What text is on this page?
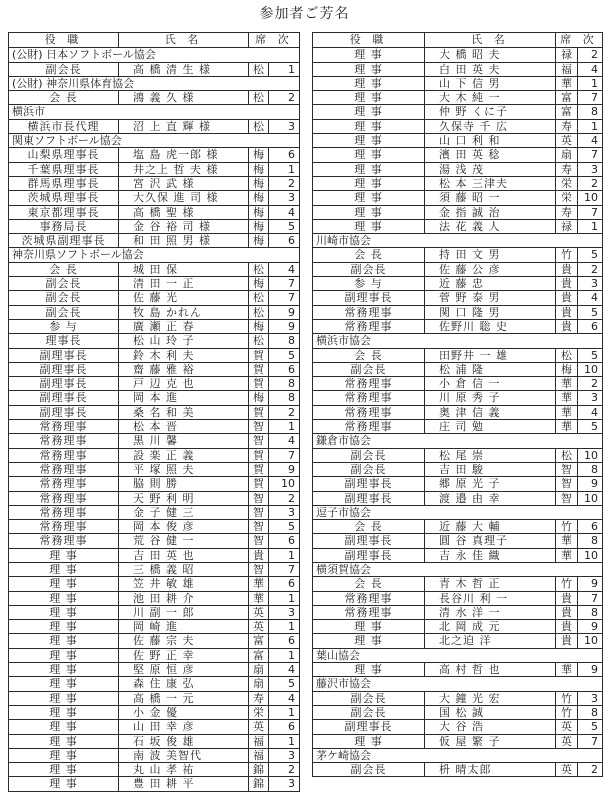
参加者ご芳名
役 職	氏 名	席 次
(公財) 日本ソフトボール協会
副会長	高 橋 清 生 様	松	1
(公財) 神奈川県体育協会
会 長	鴻 義 久 様	松	2
横浜市
横浜市長代理	沼 上 直 輝 様	松	3
関東ソフトボール協会
山梨県理事長	塩 島 虎一郎 様	梅	6
千葉県理事長	井之上 哲 夫 様	梅	1
群馬県理事長	宮 沢 武 様	梅	2
茨城県理事長	大久保 進 司 様	梅	3
東京都理事長	高 橋 聖 様	梅	4
事務局長	金 谷 裕 司 様	梅	5
茨城県副理事長	和 田 照 男 様	梅	6
神奈川県ソフトボール協会
会 長	城 田 保	松	4
副会長	清 田 一 正	梅	7
副会長	佐 藤 光	松	7
副会長	牧 島 かれん	松	9
参 与	廣 瀬 正 春	梅	9
理事長	松 山 玲 子	松	8
副理事長	鈴 木 利 夫	賀	5
副理事長	齋 藤 雅 裕	賀	6
副理事長	戸 辺 克 也	賀	8
副理事長	岡 本 進	梅	8
副理事長	桑 名 和 美	賀	2
常務理事	松 本 晋	智	1
常務理事	黒 川 馨	智	4
常務理事	設 楽 正 義	賀	7
常務理事	平 塚 照 夫	賀	9
常務理事	脇 則 勝	賀	10
常務理事	天 野 利 明	智	2
常務理事	金 子 健 三	智	3
常務理事	岡 本 俊 彦	智	5
常務理事	荒 谷 健 一	智	6
理 事	吉 田 英 也	貴	1
理 事	三 橋 義 昭	智	7
理 事	笠 井 敏 雄	華	6
理 事	池 田 耕 介	華	1
理 事	川 副 一 郎	英	3
理 事	岡 崎 進	英	1
理 事	佐 藤 宗 夫	富	6
理 事	佐 野 正 幸	富	1
理 事	堅 原 恒 彦	扇	4
理 事	森 住 康 弘	扇	5
理 事	高 橋 一 元	寿	4
理 事	小 金 優	栄	1
理 事	山 田 幸 彦	英	6
理 事	石 坂 俊 雄	福	1
理 事	南 波 美智代	福	3
理 事	丸 山 孝 祐	錦	2
理 事	豊 田 耕 平	錦	3
役 職	氏 名	席 次
理 事	大 橋 昭 夫	禄	2
理 事	白 田 英 夫	福	4
理 事	山 下 信 男	華	1
理 事	大 木 純 一	富	7
理 事	仲 野 くに子	富	8
理 事	久保寺 千 広	寿	1
理 事	山 口 利 和	英	4
理 事	濱 田 英 稔	扇	7
理 事	湯 浅 茂	寿	3
理 事	松 本 三津夫	栄	2
理 事	須 藤 昭 一	栄	10
理 事	金 指 誠 治	寿	7
理 事	法 花 義 人	禄	1
川崎市協会
会 長	持 田 文 男	竹	5
副会長	佐 藤 公 彦	貴	2
参 与	近 藤 忠	貴	3
副理事長	菅 野 泰 男	貴	4
常務理事	関 口 隆 男	貴	5
常務理事	佐野川 聡 史	貴	6
横浜市協会
会 長	田野井 一 雄	松	5
副会長	松 浦 隆	梅	10
常務理事	小 倉 信 一	華	2
常務理事	川 原 秀 子	華	3
常務理事	奥 津 信 義	華	4
常務理事	庄 司 勉	華	5
鎌倉市協会
副会長	松 尾 崇	松	10
副会長	吉 田 駿	智	8
副理事長	郷 原 光 子	智	9
副理事長	渡 邉 由 幸	智	10
逗子市協会
会 長	近 藤 大 輔	竹	6
副理事長	圓 谷 真理子	華	8
副理事長	吉 永 佳 織	華	10
横須賀協会
会 長	青 木 哲 正	竹	9
常務理事	長谷川 利 一	貴	7
常務理事	清 水 洋 一	貴	8
理 事	北 岡 成 元	貴	9
理 事	北之迫 洋	貴	10
葉山協会
理 事	高 村 哲 也	華	9
藤沢市協会
副会長	大 鐘 光 宏	竹	3
副会長	国 松 誠	竹	8
副理事長	大 谷 浩	英	5
理 事	仮 屋 繁 子	英	7
茅ケ崎協会
副会長	枡 晴太郎	英	2
